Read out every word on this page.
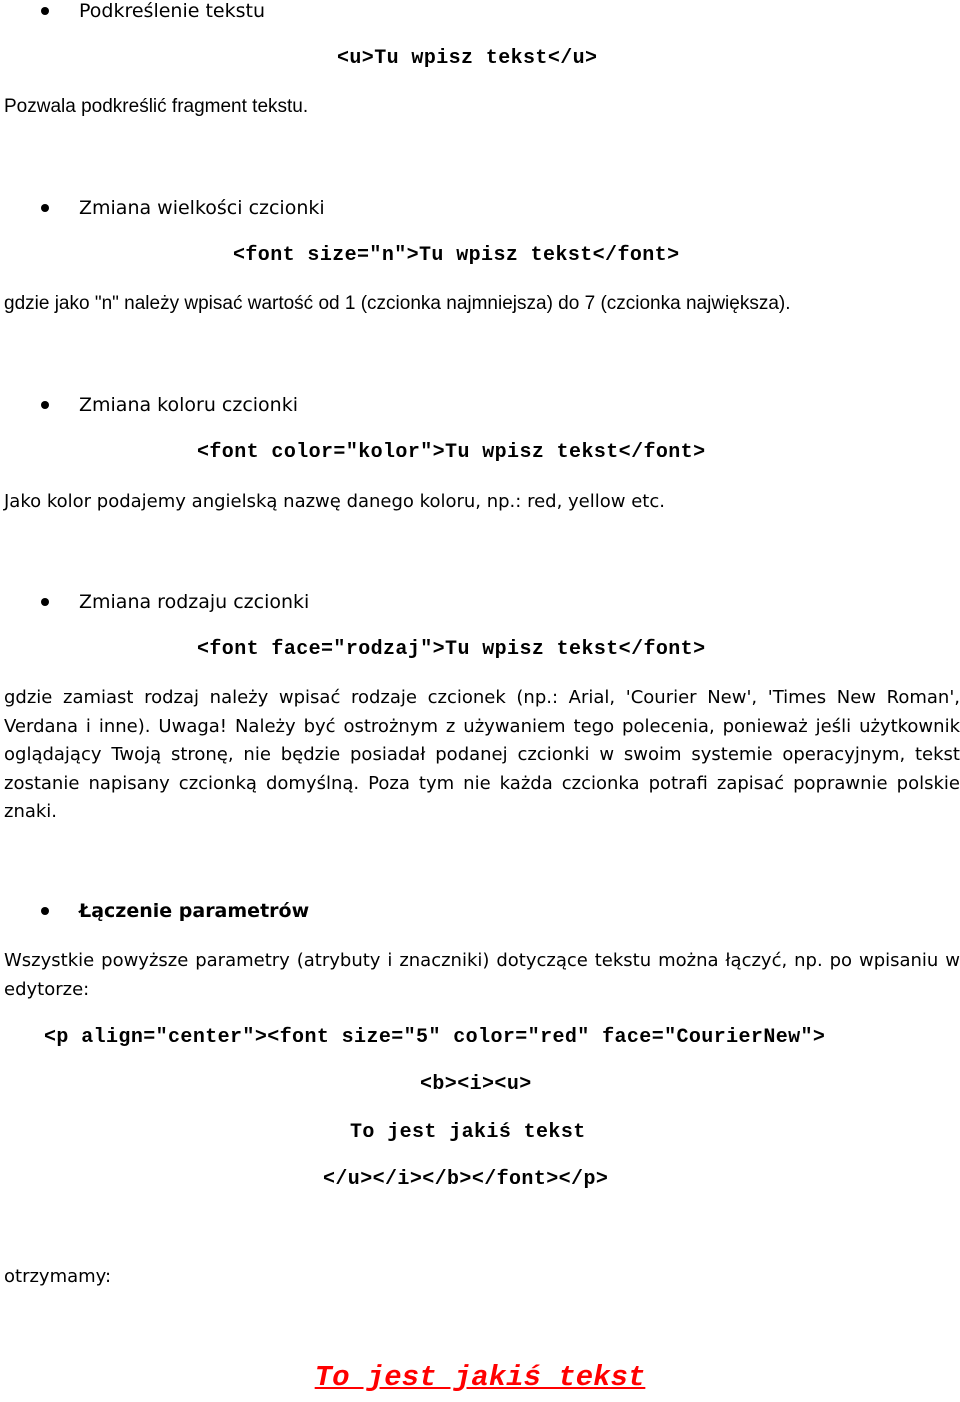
Podkreślenie tekstu
<u>Tu wpisz tekst</u>
Pozwala podkreślić fragment tekstu.
Zmiana wielkości czcionki
<font size="n">Tu wpisz tekst</font>
gdzie jako "n" należy wpisać wartość od 1 (czcionka najmniejsza) do 7 (czcionka największa).
Zmiana koloru czcionki
<font color="kolor">Tu wpisz tekst</font>
Jako kolor podajemy angielską nazwę danego koloru, np.: red, yellow etc.
Zmiana rodzaju czcionki
<font face="rodzaj">Tu wpisz tekst</font>
gdzie zamiast rodzaj należy wpisać rodzaje czcionek (np.: Arial, 'Courier New', 'Times New Roman', Verdana i inne). Uwaga! Należy być ostrożnym z używaniem tego polecenia, ponieważ jeśli użytkownik oglądający Twoją stronę, nie będzie posiadał podanej czcionki w swoim systemie operacyjnym, tekst zostanie napisany czcionką domyślną. Poza tym nie każda czcionka potrafi zapisać poprawnie polskie znaki.
Łączenie parametrów
Wszystkie powyższe parametry (atrybuty i znaczniki) dotyczące tekstu można łączyć, np. po wpisaniu w edytorze:
<p align="center"><font size="5" color="red" face="CourierNew">
<b><i><u>
To jest jakiś tekst
</u></i></b></font></p>
otrzymamy:
To jest jakiś tekst
